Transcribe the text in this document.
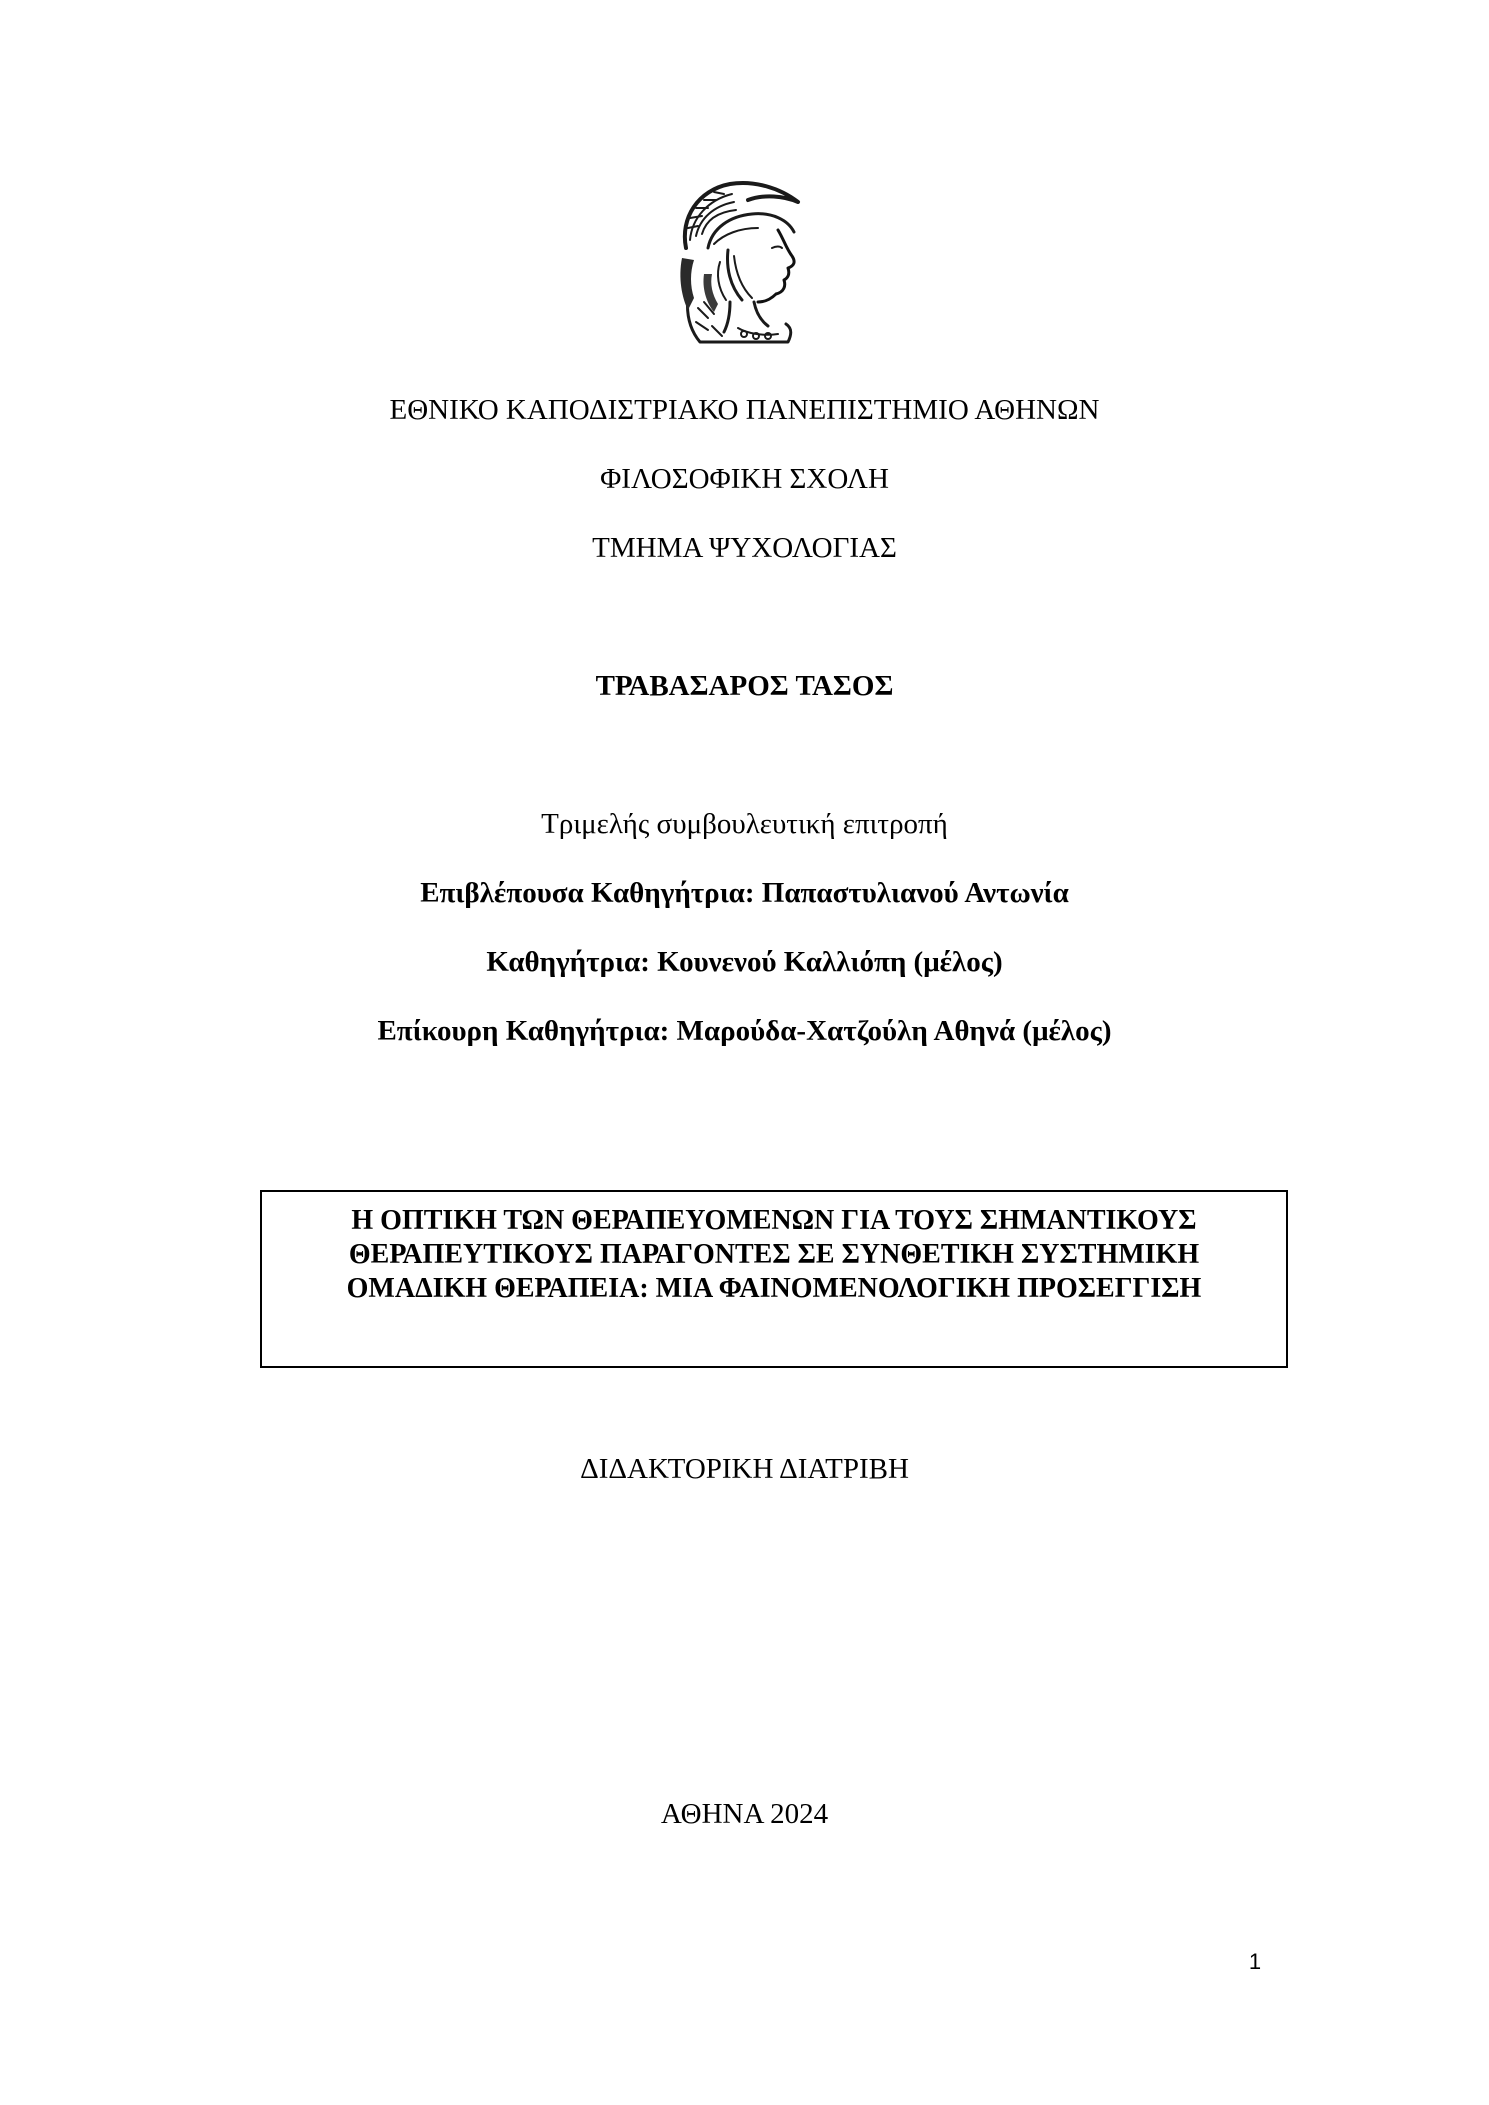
ΕΘΝΙΚΟ ΚΑΠΟΔΙΣΤΡΙΑΚΟ ΠΑΝΕΠΙΣΤΗΜΙΟ ΑΘΗΝΩΝ
ΦΙΛΟΣΟΦΙΚΗ ΣΧΟΛΗ
ΤΜΗΜΑ ΨΥΧΟΛΟΓΙΑΣ
ΤΡΑΒΑΣΑΡΟΣ ΤΑΣΟΣ
Τριμελής συμβουλευτική επιτροπή
Επιβλέπουσα Καθηγήτρια: Παπαστυλιανού Αντωνία
Καθηγήτρια: Κουνενού Καλλιόπη (μέλος)
Επίκουρη Καθηγήτρια: Μαρούδα-Χατζούλη Αθηνά (μέλος)
Η ΟΠΤΙΚΗ ΤΩΝ ΘΕΡΑΠΕΥΟΜΕΝΩΝ ΓΙΑ ΤΟΥΣ ΣΗΜΑΝΤΙΚΟΥΣ
ΘΕΡΑΠΕΥΤΙΚΟΥΣ ΠΑΡΑΓΟΝΤΕΣ ΣΕ ΣΥΝΘΕΤΙΚΗ ΣΥΣΤΗΜΙΚΗ
ΟΜΑΔΙΚΗ ΘΕΡΑΠΕΙΑ: ΜΙΑ ΦΑΙΝΟΜΕΝΟΛΟΓΙΚΗ ΠΡΟΣΕΓΓΙΣΗ
ΔΙΔΑΚΤΟΡΙΚΗ ΔΙΑΤΡΙΒΗ
ΑΘΗΝΑ 2024
1
